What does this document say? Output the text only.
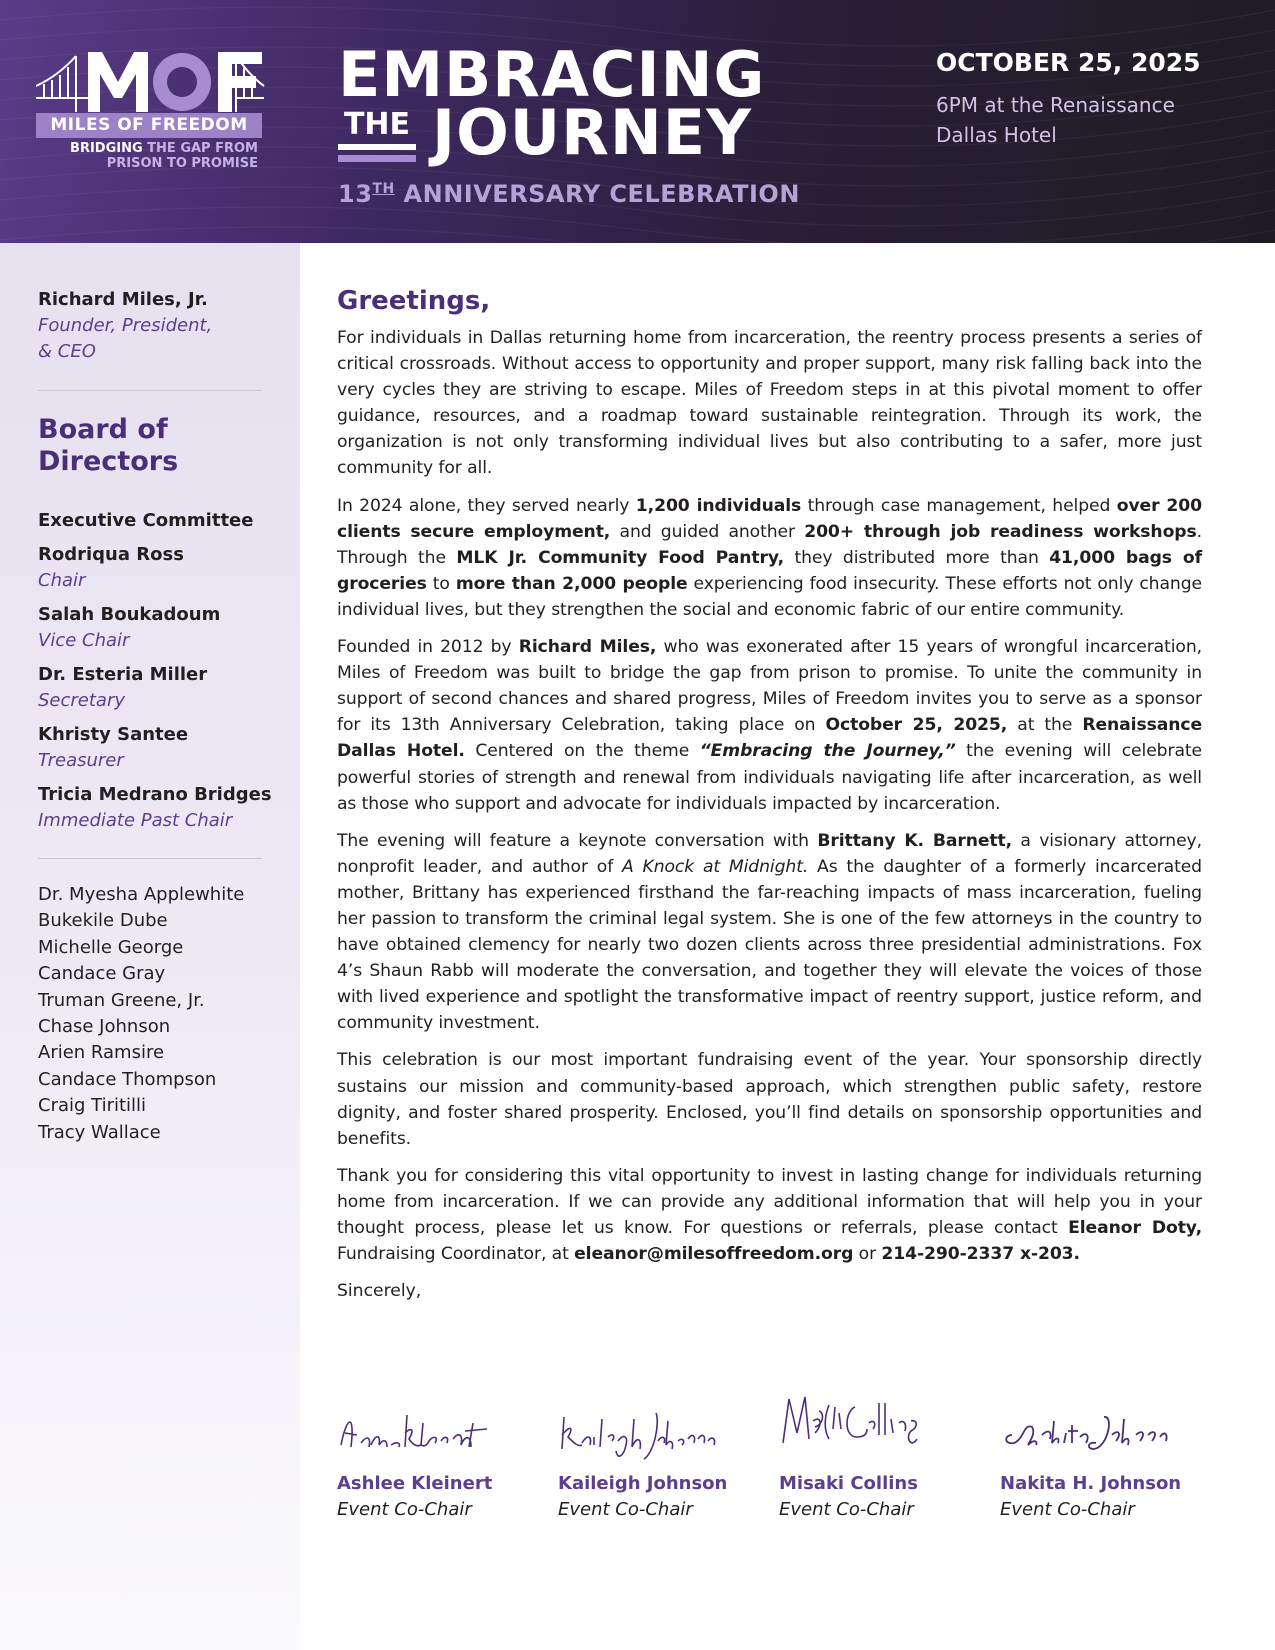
MILES OF FREEDOM
BRIDGING THE GAP FROM
PRISON TO PROMISE
EMBRACING
THE JOURNEY
13TH ANNIVERSARY CELEBRATION
OCTOBER 25, 2025
6PM at the Renaissance
Dallas Hotel
Richard Miles, Jr.
Founder, President,
& CEO
Board of
Directors
Executive Committee
Rodriqua Ross
Chair
Salah Boukadoum
Vice Chair
Dr. Esteria Miller
Secretary
Khristy Santee
Treasurer
Tricia Medrano Bridges
Immediate Past Chair
Dr. Myesha Applewhite
Bukekile Dube
Michelle George
Candace Gray
Truman Greene, Jr.
Chase Johnson
Arien Ramsire
Candace Thompson
Craig Tiritilli
Tracy Wallace
Greetings,

For individuals in Dallas returning home from incarceration, the reentry process presents a series of critical crossroads. Without access to opportunity and proper support, many risk falling back into the very cycles they are striving to escape. Miles of Freedom steps in at this pivotal moment to offer guidance, resources, and a roadmap toward sustainable reintegration. Through its work, the organization is not only transforming individual lives but also contributing to a safer, more just community for all.

In 2024 alone, they served nearly 1,200 individuals through case management, helped over 200 clients secure employment, and guided another 200+ through job readiness workshops. Through the MLK Jr. Community Food Pantry, they distributed more than 41,000 bags of groceries to more than 2,000 people experiencing food insecurity. These efforts not only change individual lives, but they strengthen the social and economic fabric of our entire community.

Founded in 2012 by Richard Miles, who was exonerated after 15 years of wrongful incarceration, Miles of Freedom was built to bridge the gap from prison to promise. To unite the community in support of second chances and shared progress, Miles of Freedom invites you to serve as a sponsor for its 13th Anniversary Celebration, taking place on October 25, 2025, at the Renaissance Dallas Hotel. Centered on the theme “Embracing the Journey,” the evening will celebrate powerful stories of strength and renewal from individuals navigating life after incarceration, as well as those who support and advocate for individuals impacted by incarceration.

The evening will feature a keynote conversation with Brittany K. Barnett, a visionary attorney, nonprofit leader, and author of A Knock at Midnight. As the daughter of a formerly incarcerated mother, Brittany has experienced firsthand the far-reaching impacts of mass incarceration, fueling her passion to transform the criminal legal system. She is one of the few attorneys in the country to have obtained clemency for nearly two dozen clients across three presidential administrations. Fox 4’s Shaun Rabb will moderate the conversation, and together they will elevate the voices of those with lived experience and spotlight the transformative impact of reentry support, justice reform, and community investment.

This celebration is our most important fundraising event of the year. Your sponsorship directly sustains our mission and community-based approach, which strengthen public safety, restore dignity, and foster shared prosperity. Enclosed, you’ll find details on sponsorship opportunities and benefits.

Thank you for considering this vital opportunity to invest in lasting change for individuals returning home from incarceration. If we can provide any additional information that will help you in your thought process, please let us know. For questions or referrals, please contact Eleanor Doty, Fundraising Coordinator, at eleanor@milesoffreedom.org or 214-290-2337 x-203.

Sincerely,
Ashlee Kleinert
Event Co-Chair
Kaileigh Johnson
Event Co-Chair
Misaki Collins
Event Co-Chair
Nakita H. Johnson
Event Co-Chair
